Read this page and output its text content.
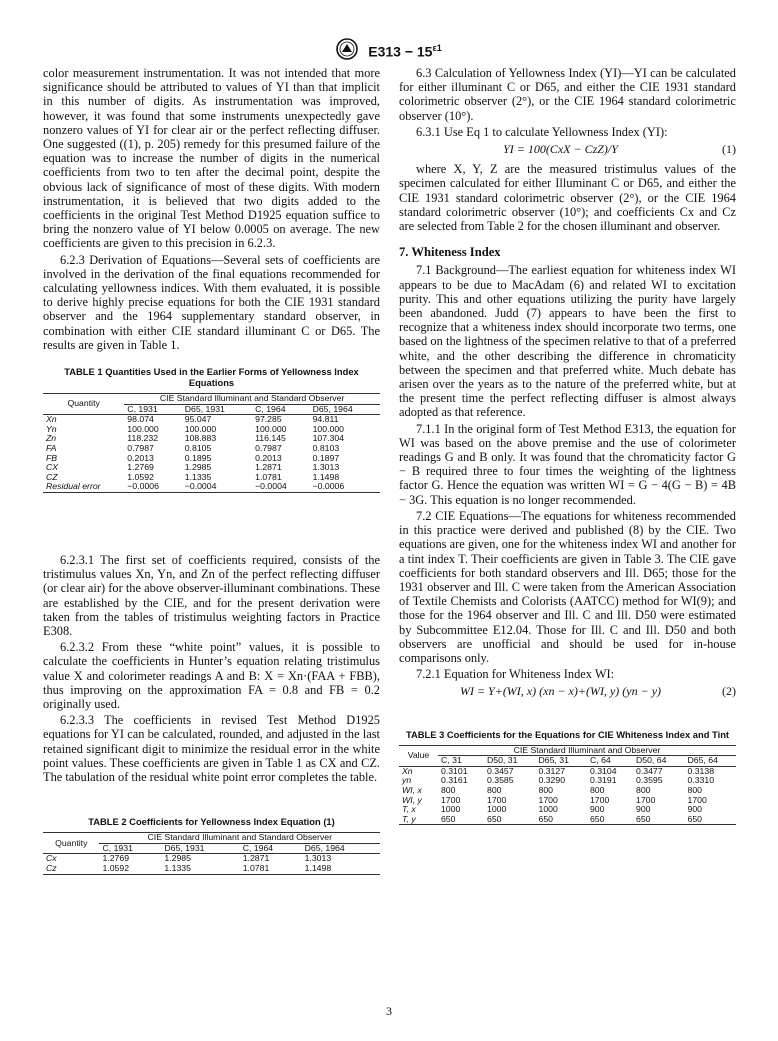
$E313 - 15^{\varepsilon 1}$

color measurement instrumentation. It was not intended that more significance should be attributed to values of YI than that implicit in this number of digits. As instrumentation was improved, however, it was found that some instruments unexpectedly gave nonzero values of YI for clear air or the perfect reflecting diffuser. One suggested ((1), p. 205) remedy for this presumed failure of the equation was to increase the number of digits in the numerical coefficients from two to ten after the decimal point, despite the obvious lack of significance of most of these digits. With modern instrumentation, it is believed that two digits added to the coefficients in the original Test Method D1925 equation suffice to bring the nonzero value of YI below 0.0005 on average. The new coefficients are given to this precision in 6.2.3.

6.2.3 Derivation of Equations—Several sets of coefficients are involved in the derivation of the final equations recommended for calculating yellowness indices. With them evaluated, it is possible to derive highly precise equations for both the CIE 1931 standard observer and the 1964 supplementary standard observer, in combination with either CIE standard illuminant C or D65. The results are given in Table 1.

TABLE 1 Quantities Used in the Earlier Forms of Yellowness Index Equations
Quantity	CIE Standard Illuminant and Standard Observer			
	C, 1931	D65, 1931	C, 1964	D65, 1964
Xn	98.074	95.047	97.285	94.811
Yn	100.000	100.000	100.000	100.000
Zn	118.232	108.883	116.145	107.304
FA	0.7987	0.8105	0.7987	0.8103
FB	0.2013	0.1895	0.2013	0.1897
CX	1.2769	1.2985	1.2871	1.3013
CZ	1.0592	1.1335	1.0781	1.1498
Residual error	−0.0006	−0.0004	−0.0004	−0.0006

6.2.3.1 The first set of coefficients required, consists of the tristimulus values Xn, Yn, and Zn of the perfect reflecting diffuser (or clear air) for the above observer-illuminant combinations. These are established by the CIE, and for the present derivation were taken from the tables of tristimulus weighting factors in Practice E308.

6.2.3.2 From these “white point” values, it is possible to calculate the coefficients in Hunter’s equation relating tristimulus value X and colorimeter readings A and B: X = Xn·(FAA + FBB), thus improving on the approximation FA = 0.8 and FB = 0.2 originally used.

6.2.3.3 The coefficients in revised Test Method D1925 equations for YI can be calculated, rounded, and adjusted in the last retained significant digit to minimize the residual error in the white point values. These coefficients are given in Table 1 as CX and CZ. The tabulation of the residual white point error completes the table.

TABLE 2 Coefficients for Yellowness Index Equation (1)
Quantity	CIE Standard Illuminant and Standard Observer			
	C, 1931	D65, 1931	C, 1964	D65, 1964
Cx	1.2769	1.2985	1.2871	1.3013
Cz	1.0592	1.1335	1.0781	1.1498

6.3 Calculation of Yellowness Index (YI)—YI can be calculated for either illuminant C or D65, and either the CIE 1931 standard colorimetric observer (2°), or the CIE 1964 standard colorimetric observer (10°).

6.3.1 Use Eq 1 to calculate Yellowness Index (YI):

YI = 100(CxX − CzZ)/Y	(1)

where X, Y, Z are the measured tristimulus values of the specimen calculated for either Illuminant C or D65, and either the CIE 1931 standard colorimetric observer (2°), or the CIE 1964 standard colorimetric observer (10°); and coefficients Cx and Cz are selected from Table 2 for the chosen illuminant and observer.

7. Whiteness Index

7.1 Background—The earliest equation for whiteness index WI appears to be due to MacAdam (6) and related WI to excitation purity. This and other equations utilizing the purity have largely been abandoned. Judd (7) appears to have been the first to recognize that a whiteness index should incorporate two terms, one based on the lightness of the specimen relative to that of a preferred white, and the other describing the difference in chromaticity between the specimen and that preferred white. Much debate has arisen over the years as to the nature of the preferred white, but at the present time the perfect reflecting diffuser is almost always adopted as that reference.

7.1.1 In the original form of Test Method E313, the equation for WI was based on the above premise and the use of colorimeter readings G and B only. It was found that the chromaticity factor G − B required three to four times the weighting of the lightness factor G. Hence the equation was written WI = G − 4(G − B) = 4B − 3G. This equation is no longer recommended.

7.2 CIE Equations—The equations for whiteness recommended in this practice were derived and published (8) by the CIE. Two equations are given, one for the whiteness index WI and another for a tint index T. Their coefficients are given in Table 3. The CIE gave coefficients for both standard observers and Ill. D65; those for the 1931 observer and Ill. C were taken from the American Association of Textile Chemists and Colorists (AATCC) method for WI(9); and those for the 1964 observer and Ill. C and Ill. D50 were estimated by Subcommittee E12.04. Those for Ill. C and Ill. D50 and both observers are unofficial and should be used for in-house comparisons only.

7.2.1 Equation for Whiteness Index WI:

WI = Y+(WI, x) (xn − x)+(WI, y) (yn − y)	(2)
TABLE 3 Coefficients for the Equations for CIE Whiteness Index and Tint
Value	CIE Standard Illuminant and Observer					
	C, 31	D50, 31	D65, 31	C, 64	D50, 64	D65, 64
Xn	0.3101	0.3457	0.3127	0.3104	0.3477	0.3138
yn	0.3161	0.3585	0.3290	0.3191	0.3595	0.3310
WI, x	800	800	800	800	800	800
WI, y	1700	1700	1700	1700	1700	1700
T, x	1000	1000	1000	900	900	900
T, y	650	650	650	650	650	650
3
